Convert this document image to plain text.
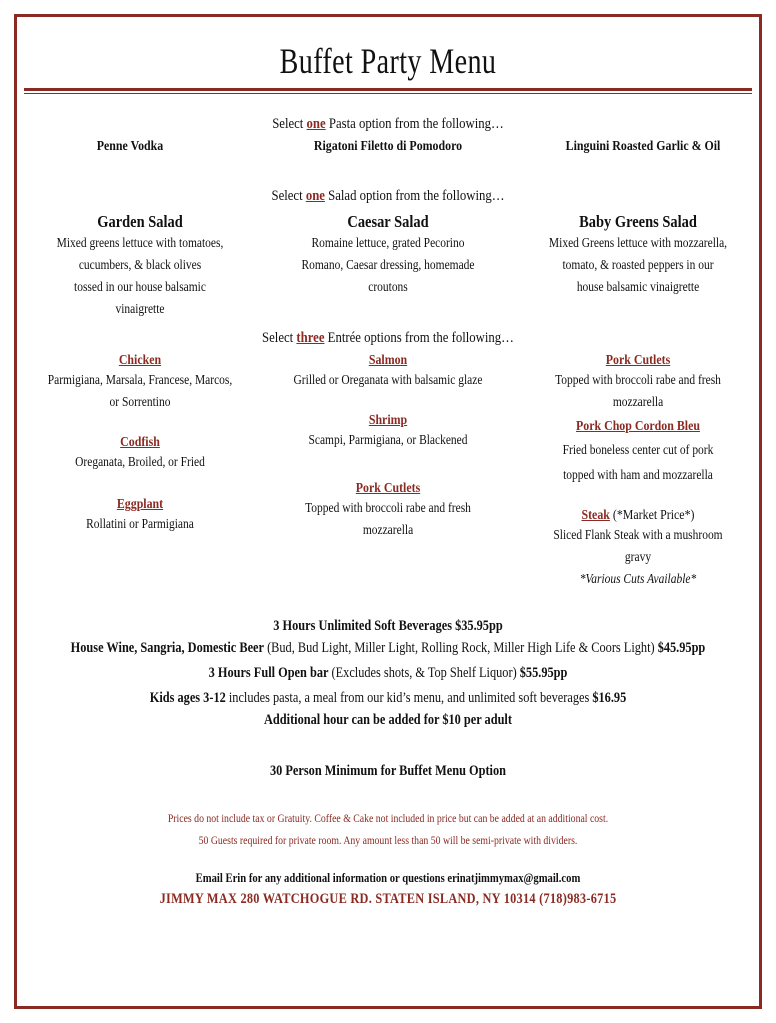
Buffet Party Menu
Select one Pasta option from the following…
Penne Vodka	Rigatoni Filetto di Pomodoro	Linguini Roasted Garlic & Oil
Select one Salad option from the following…
Garden Salad
Mixed greens lettuce with tomatoes,
cucumbers, & black olives
tossed in our house balsamic
vinaigrette
Caesar Salad
Romaine lettuce, grated Pecorino
Romano, Caesar dressing, homemade
croutons
Baby Greens Salad
Mixed Greens lettuce with mozzarella,
tomato, & roasted peppers in our
house balsamic vinaigrette
Select three Entrée options from the following…
Chicken
Parmigiana, Marsala, Francese, Marcos,
or Sorrentino
Codfish
Oreganata, Broiled, or Fried
Eggplant
Rollatini or Parmigiana
Salmon
Grilled or Oreganata with balsamic glaze
Shrimp
Scampi, Parmigiana, or Blackened
Pork Cutlets
Topped with broccoli rabe and fresh
mozzarella
Pork Cutlets
Topped with broccoli rabe and fresh
mozzarella
Pork Chop Cordon Bleu
Fried boneless center cut of pork
topped with ham and mozzarella
Steak (*Market Price*)
Sliced Flank Steak with a mushroom
gravy
*Various Cuts Available*
3 Hours Unlimited Soft Beverages $35.95pp
House Wine, Sangria, Domestic Beer (Bud, Bud Light, Miller Light, Rolling Rock, Miller High Life & Coors Light) $45.95pp
3 Hours Full Open bar (Excludes shots, & Top Shelf Liquor) $55.95pp
Kids ages 3-12 includes pasta, a meal from our kid’s menu, and unlimited soft beverages $16.95
Additional hour can be added for $10 per adult
30 Person Minimum for Buffet Menu Option
Prices do not include tax or Gratuity. Coffee & Cake not included in price but can be added at an additional cost.
50 Guests required for private room. Any amount less than 50 will be semi-private with dividers.
Email Erin for any additional information or questions erinatjimmymax@gmail.com
JIMMY MAX 280 WATCHOGUE RD. STATEN ISLAND, NY 10314 (718)983-6715
